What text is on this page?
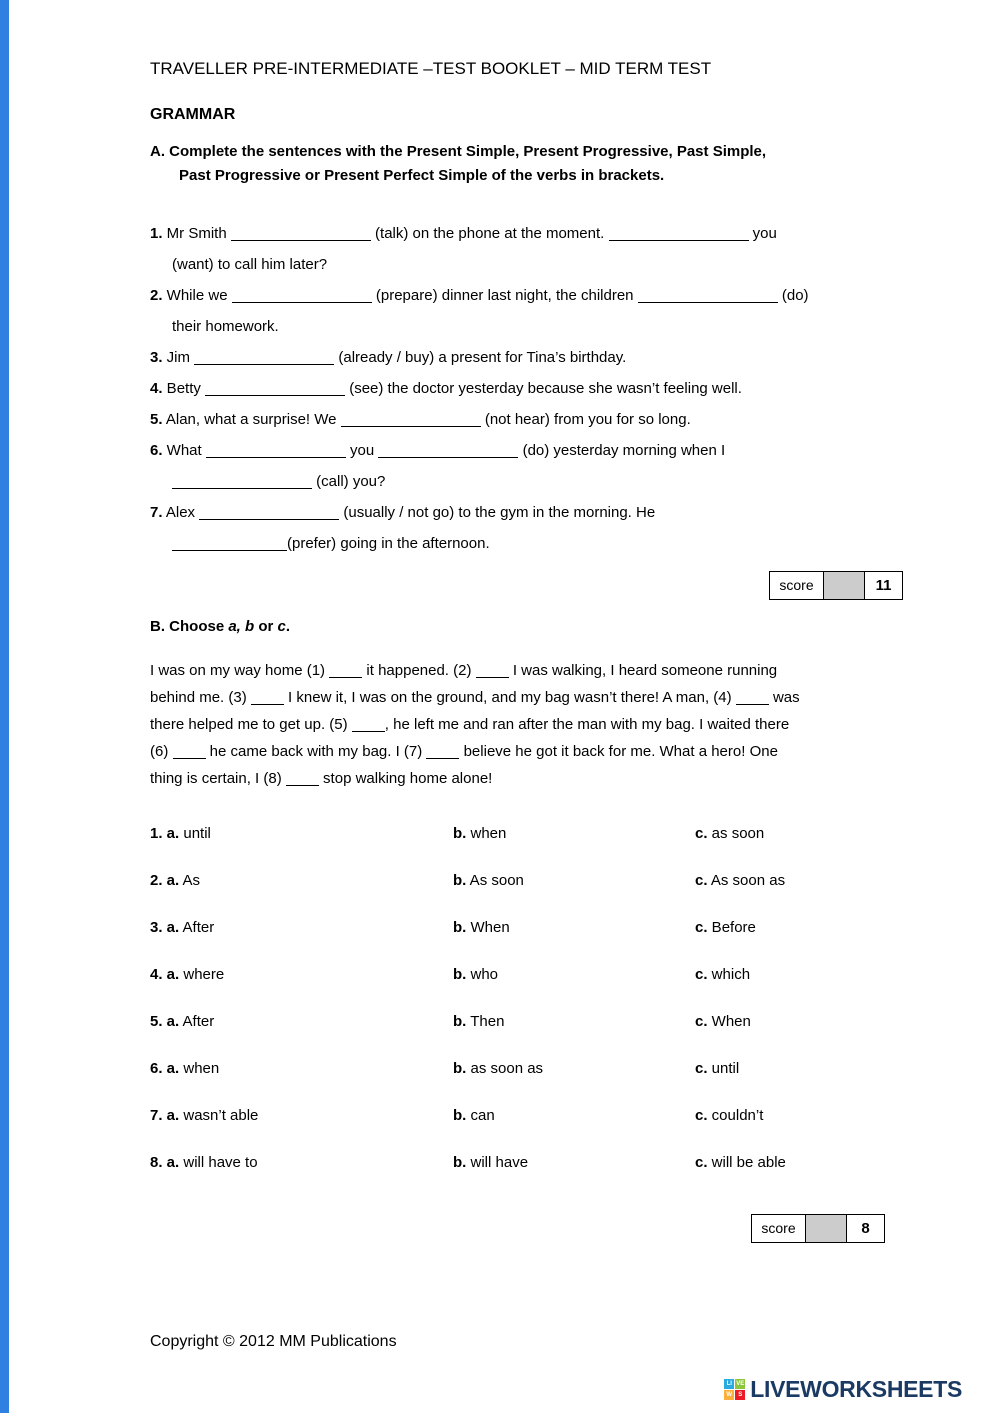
TRAVELLER PRE-INTERMEDIATE –TEST BOOKLET – MID TERM TEST
GRAMMAR
A. Complete the sentences with the Present Simple, Present Progressive, Past Simple,
Past Progressive or Present Perfect Simple of the verbs in brackets.
1. Mr Smith	(talk) on the phone at the moment.	you
(want) to call him later?
2. While we	(prepare) dinner last night, the children	(do)
their homework.
3. Jim	(already / buy) a present for Tina’s birthday.
4. Betty	(see) the doctor yesterday because she wasn’t feeling well.
5. Alan, what a surprise! We	(not hear) from you for so long.
6. What	you	(do) yesterday morning when I
(call) you?
7. Alex	(usually / not go) to the gym in the morning. He
(prefer) going in the afternoon.
score	11
B. Choose a, b or c.
I was on my way home (1)  it happened. (2)  I was walking, I heard someone running
behind me. (3)  I knew it, I was on the ground, and my bag wasn’t there! A man, (4)  was
there helped me to get up. (5) , he left me and ran after the man with my bag. I waited there
(6)  he came back with my bag. I (7)  believe he got it back for me. What a hero! One
thing is certain, I (8)  stop walking home alone!
1. a. until	b. when	c. as soon
2. a. As	b. As soon	c. As soon as
3. a. After	b. When	c. Before
4. a. where	b. who	c. which
5. a. After	b. Then	c. When
6. a. when	b. as soon as	c. until
7. a. wasn’t able	b. can	c. couldn’t
8. a. will have to	b. will have	c. will be able
score	8
Copyright © 2012 MM Publications
LI VE
W	S LIVEWORKSHEETS
